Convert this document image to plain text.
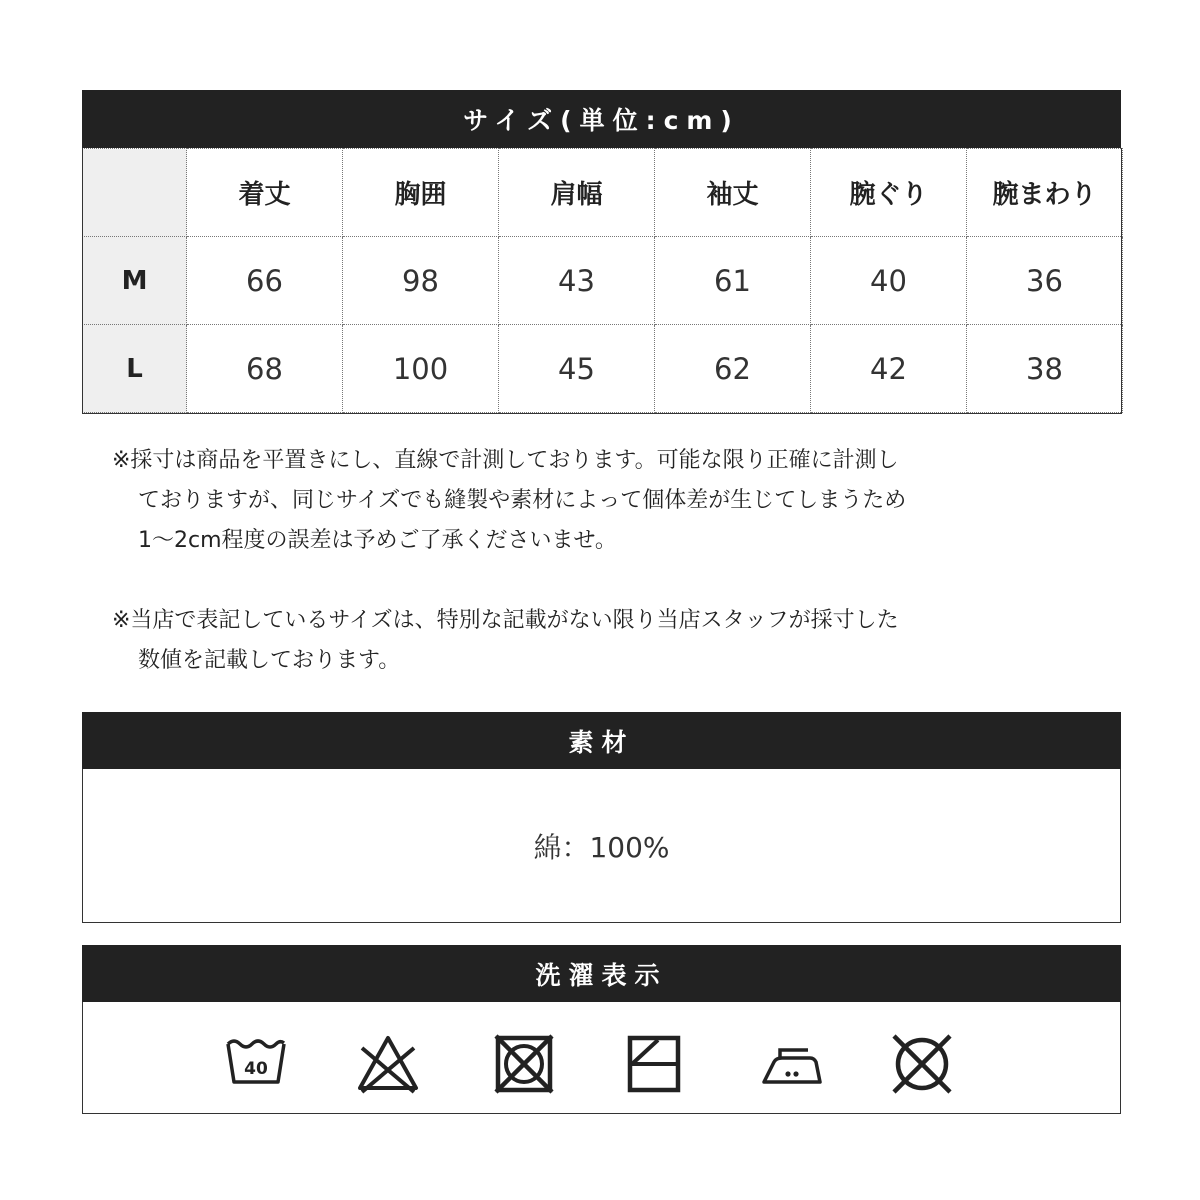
サイズ(単位:cm)
	着丈	胸囲	肩幅	袖丈	腕ぐり	腕まわり
M	66	98	43	61	40	36
L	68	100	45	62	42	38
※採寸は商品を平置きにし、直線で計測しております。可能な限り正確に計測し
ておりますが、同じサイズでも縫製や素材によって個体差が生じてしまうため
1～2cm程度の誤差は予めご了承くださいませ。
※当店で表記しているサイズは、特別な記載がない限り当店スタッフが採寸した
数値を記載しております。
素材
綿：100%
洗濯表示
40
